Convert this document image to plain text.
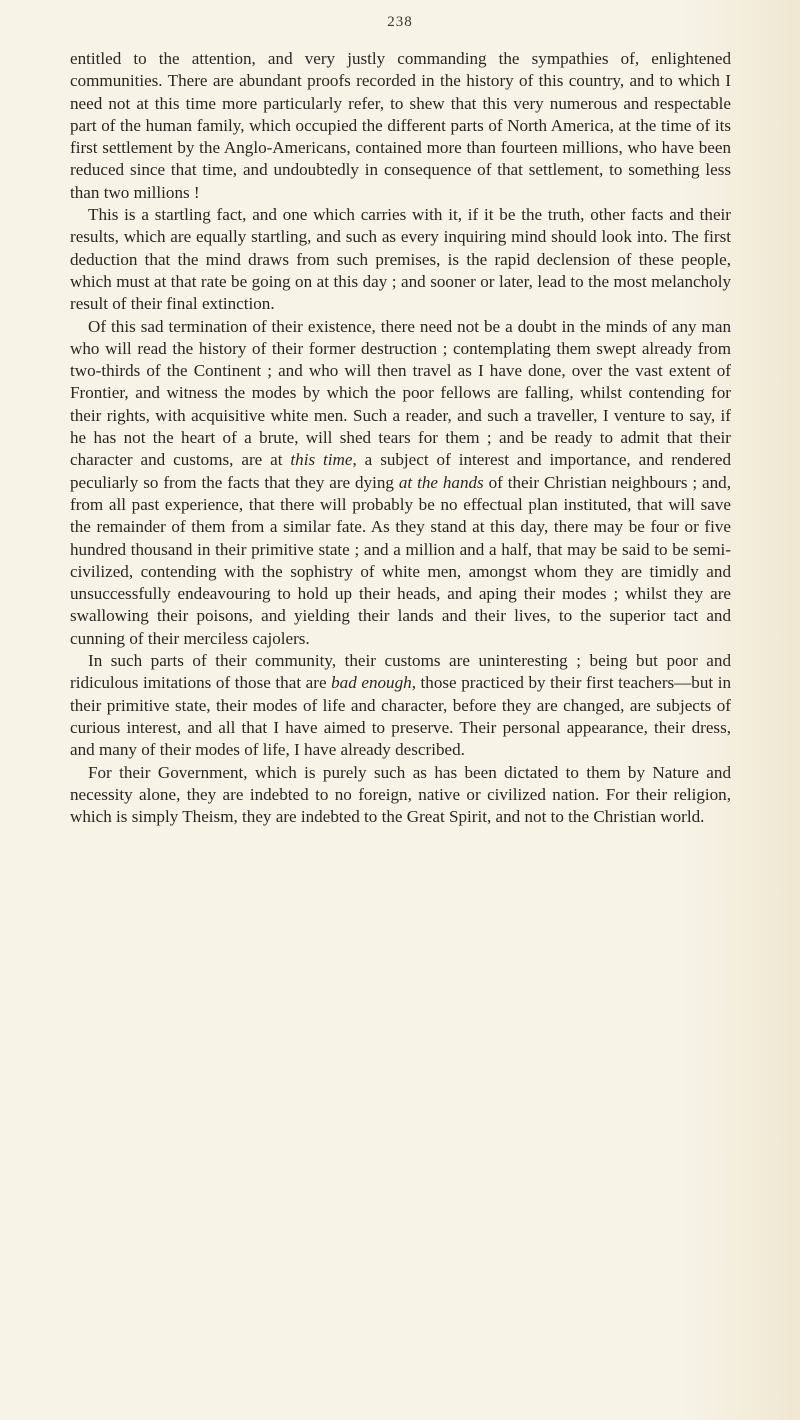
238

entitled to the attention, and very justly commanding the sympathies of, enlightened communities. There are abundant proofs recorded in the history of this country, and to which I need not at this time more particularly refer, to shew that this very numerous and respectable part of the human family, which occupied the different parts of North America, at the time of its first settlement by the Anglo-Americans, contained more than fourteen millions, who have been reduced since that time, and undoubtedly in consequence of that settlement, to something less than two millions !

This is a startling fact, and one which carries with it, if it be the truth, other facts and their results, which are equally startling, and such as every inquiring mind should look into. The first deduction that the mind draws from such premises, is the rapid declension of these people, which must at that rate be going on at this day ; and sooner or later, lead to the most melancholy result of their final extinction.

Of this sad termination of their existence, there need not be a doubt in the minds of any man who will read the history of their former destruction ; contemplating them swept already from two-thirds of the Continent ; and who will then travel as I have done, over the vast extent of Frontier, and witness the modes by which the poor fellows are falling, whilst contending for their rights, with acquisitive white men. Such a reader, and such a traveller, I venture to say, if he has not the heart of a brute, will shed tears for them ; and be ready to admit that their character and customs, are at this time, a subject of interest and importance, and rendered peculiarly so from the facts that they are dying at the hands of their Christian neighbours ; and, from all past experience, that there will probably be no effectual plan instituted, that will save the remainder of them from a similar fate. As they stand at this day, there may be four or five hundred thousand in their primitive state ; and a million and a half, that may be said to be semi-civilized, contending with the sophistry of white men, amongst whom they are timidly and unsuccessfully endeavouring to hold up their heads, and aping their modes ; whilst they are swallowing their poisons, and yielding their lands and their lives, to the superior tact and cunning of their merciless cajolers.

In such parts of their community, their customs are uninteresting ; being but poor and ridiculous imitations of those that are bad enough, those practiced by their first teachers—but in their primitive state, their modes of life and character, before they are changed, are subjects of curious interest, and all that I have aimed to preserve. Their personal appearance, their dress, and many of their modes of life, I have already described.

For their Government, which is purely such as has been dictated to them by Nature and necessity alone, they are indebted to no foreign, native or civilized nation. For their religion, which is simply Theism, they are indebted to the Great Spirit, and not to the Christian world.
